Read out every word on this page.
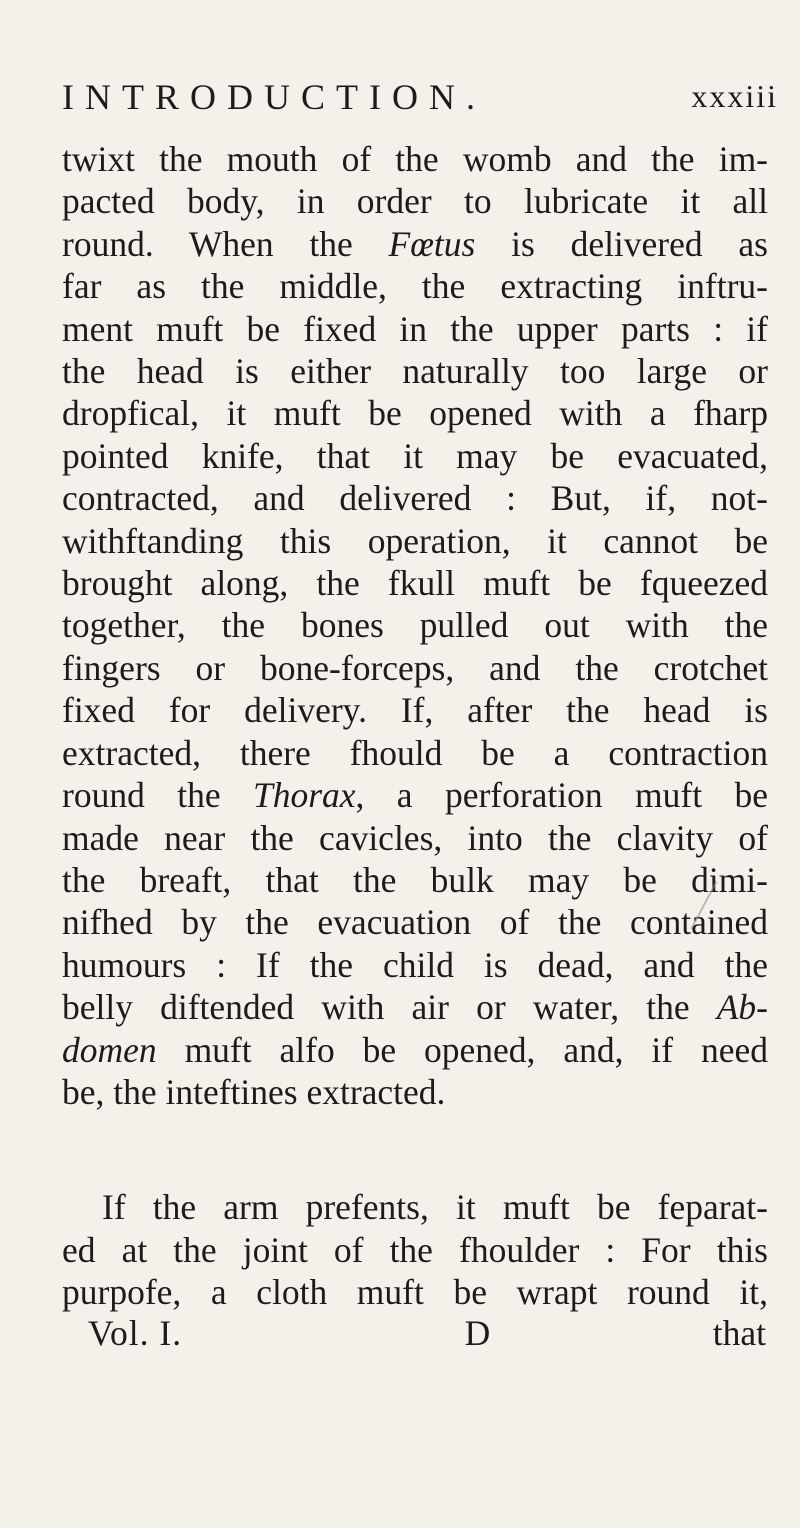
INTRODUCTION.	xxxiii
twixt the mouth of the womb and the im-
pacted body, in order to lubricate it all
round. When the Fœtus is delivered as
far as the middle, the extracting inftru-
ment muft be fixed in the upper parts : if
the head is either naturally too large or
dropfical, it muft be opened with a fharp
pointed knife, that it may be evacuated,
contracted, and delivered : But, if, not-
withftanding this operation, it cannot be
brought along, the fkull muft be fqueezed
together, the bones pulled out with the
fingers or bone-forceps, and the crotchet
fixed for delivery. If, after the head is
extracted, there fhould be a contraction
round the Thorax, a perforation muft be
made near the cavicles, into the clavity of
the breaft, that the bulk may be dimi-
nifhed by the evacuation of the contained
humours : If the child is dead, and the
belly diftended with air or water, the Ab-
domen muft alfo be opened, and, if need
be, the inteftines extracted.
If the arm prefents, it muft be feparat-
ed at the joint of the fhoulder : For this
purpofe, a cloth muft be wrapt round it,
Vol. I.	D	that
